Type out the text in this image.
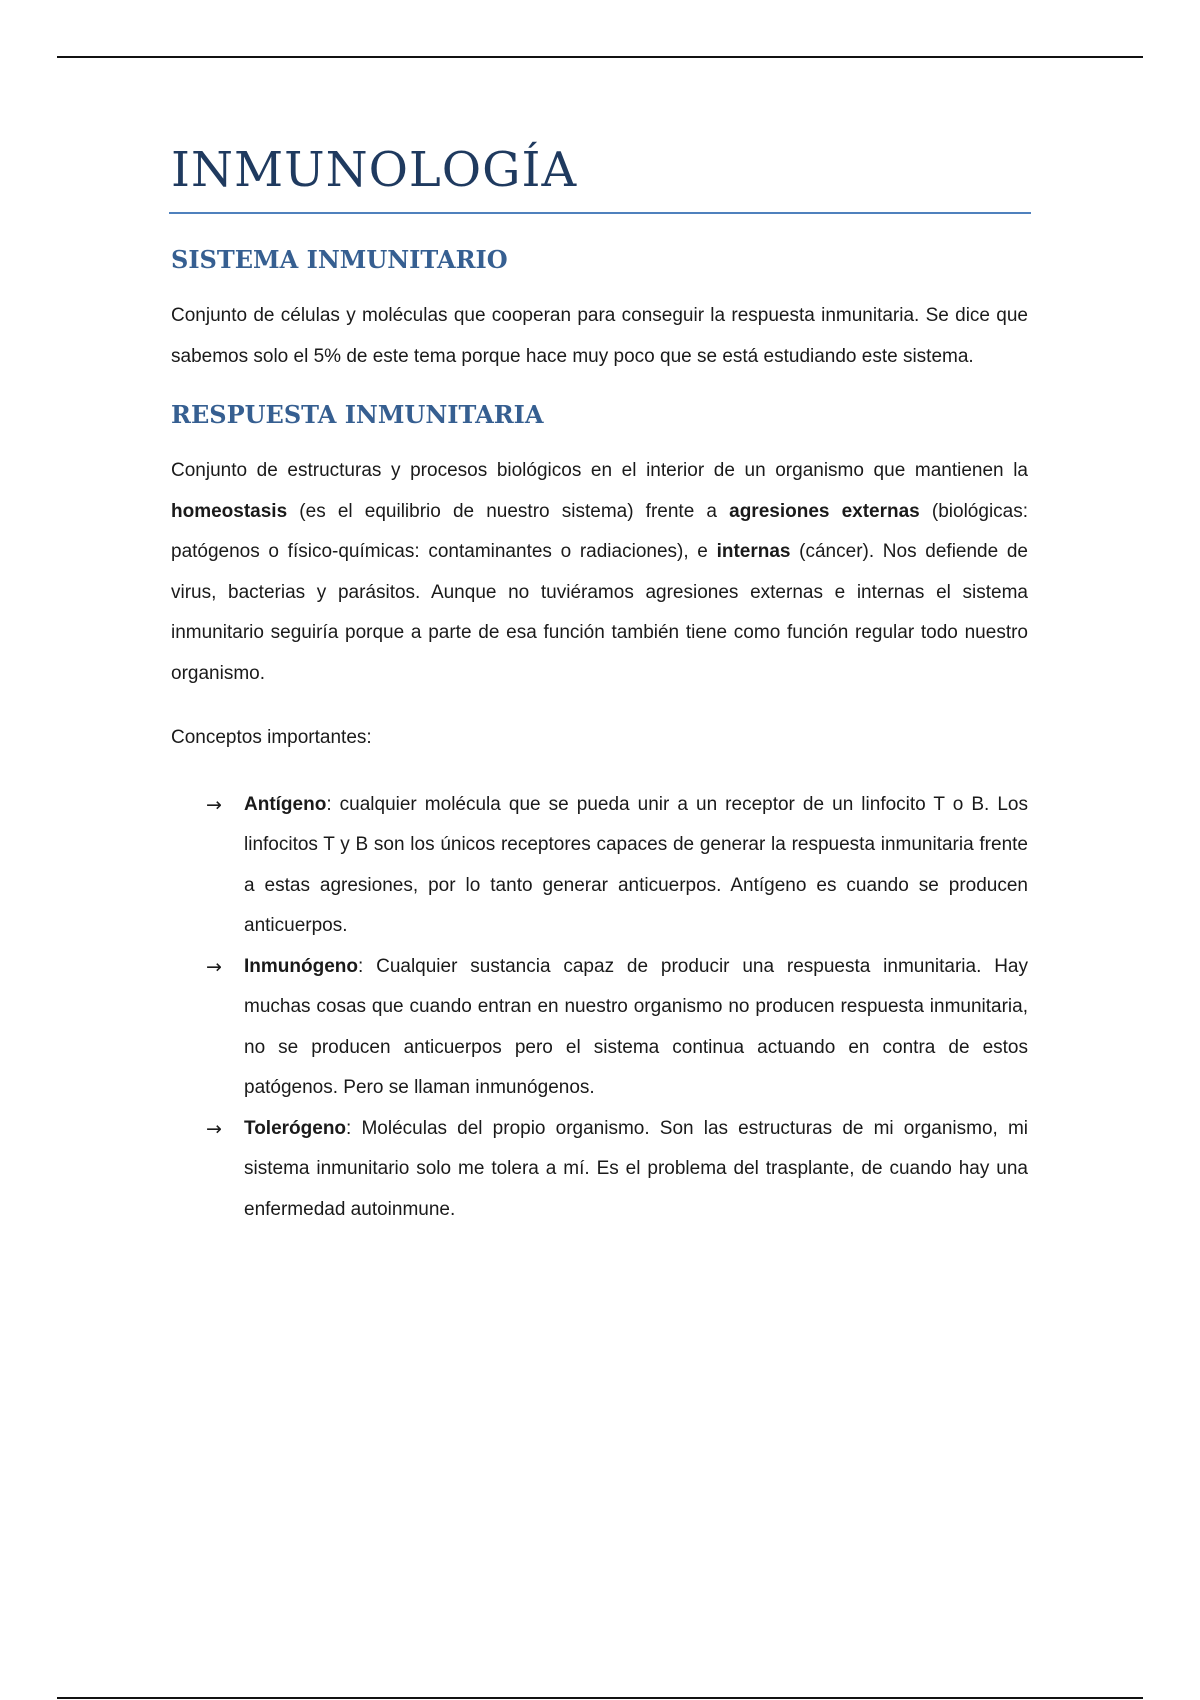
INMUNOLOGÍA
SISTEMA INMUNITARIO

Conjunto de células y moléculas que cooperan para conseguir la respuesta inmunitaria. Se dice que sabemos solo el 5% de este tema porque hace muy poco que se está estudiando este sistema.

RESPUESTA INMUNITARIA

Conjunto de estructuras y procesos biológicos en el interior de un organismo que mantienen la homeostasis (es el equilibrio de nuestro sistema) frente a agresiones externas (biológicas: patógenos o físico-químicas: contaminantes o radiaciones), e internas (cáncer). Nos defiende de virus, bacterias y parásitos. Aunque no tuviéramos agresiones externas e internas el sistema inmunitario seguiría porque a parte de esa función también tiene como función regular todo nuestro organismo.

Conceptos importantes:

→ Antígeno: cualquier molécula que se pueda unir a un receptor de un linfocito T o B. Los linfocitos T y B son los únicos receptores capaces de generar la respuesta inmunitaria frente a estas agresiones, por lo tanto generar anticuerpos. Antígeno es cuando se producen anticuerpos.
→ Inmunógeno: Cualquier sustancia capaz de producir una respuesta inmunitaria. Hay muchas cosas que cuando entran en nuestro organismo no producen respuesta inmunitaria, no se producen anticuerpos pero el sistema continua actuando en contra de estos patógenos. Pero se llaman inmunógenos.
→ Tolerógeno: Moléculas del propio organismo. Son las estructuras de mi organismo, mi sistema inmunitario solo me tolera a mí. Es el problema del trasplante, de cuando hay una enfermedad autoinmune.
